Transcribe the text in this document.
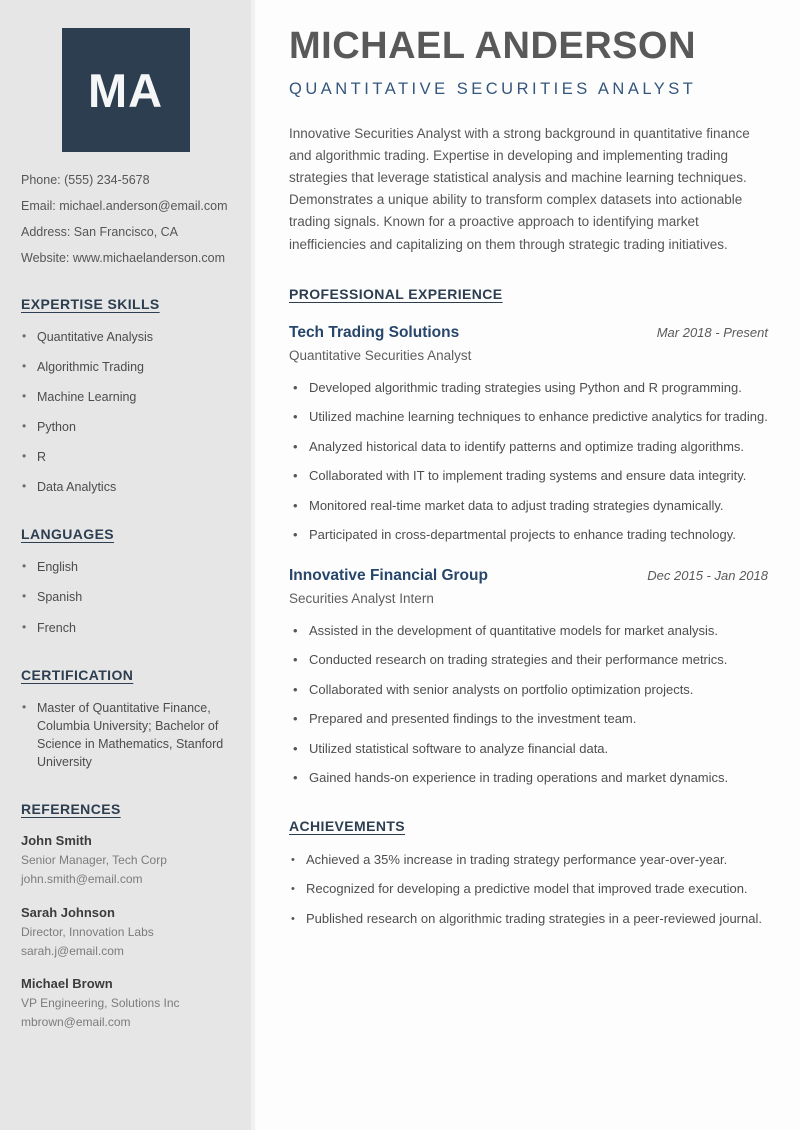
MA

Phone: (555) 234-5678

Email: michael.anderson@email.com

Address: San Francisco, CA

Website: www.michaelanderson.com

EXPERTISE SKILLS
• Quantitative Analysis
• Algorithmic Trading
• Machine Learning
• Python
• R
• Data Analytics
LANGUAGES
• English
• Spanish
• French
CERTIFICATION
• Master of Quantitative Finance, Columbia University; Bachelor of Science in Mathematics, Stanford University
REFERENCES

John Smith

Senior Manager, Tech Corp

john.smith@email.com

Sarah Johnson

Director, Innovation Labs

sarah.j@email.com

Michael Brown

VP Engineering, Solutions Inc

mbrown@email.com

MICHAEL ANDERSON
QUANTITATIVE SECURITIES ANALYST

Innovative Securities Analyst with a strong background in quantitative finance and algorithmic trading. Expertise in developing and implementing trading strategies that leverage statistical analysis and machine learning techniques. Demonstrates a unique ability to transform complex datasets into actionable trading signals. Known for a proactive approach to identifying market inefficiencies and capitalizing on them through strategic trading initiatives.

PROFESSIONAL EXPERIENCE
Tech Trading Solutions	Mar 2018 - Present
Quantitative Securities Analyst
• Developed algorithmic trading strategies using Python and R programming.
• Utilized machine learning techniques to enhance predictive analytics for trading.
• Analyzed historical data to identify patterns and optimize trading algorithms.
• Collaborated with IT to implement trading systems and ensure data integrity.
• Monitored real-time market data to adjust trading strategies dynamically.
• Participated in cross-departmental projects to enhance trading technology.
Innovative Financial Group	Dec 2015 - Jan 2018
Securities Analyst Intern
• Assisted in the development of quantitative models for market analysis.
• Conducted research on trading strategies and their performance metrics.
• Collaborated with senior analysts on portfolio optimization projects.
• Prepared and presented findings to the investment team.
• Utilized statistical software to analyze financial data.
• Gained hands-on experience in trading operations and market dynamics.
ACHIEVEMENTS
• Achieved a 35% increase in trading strategy performance year-over-year.
• Recognized for developing a predictive model that improved trade execution.
• Published research on algorithmic trading strategies in a peer-reviewed journal.
